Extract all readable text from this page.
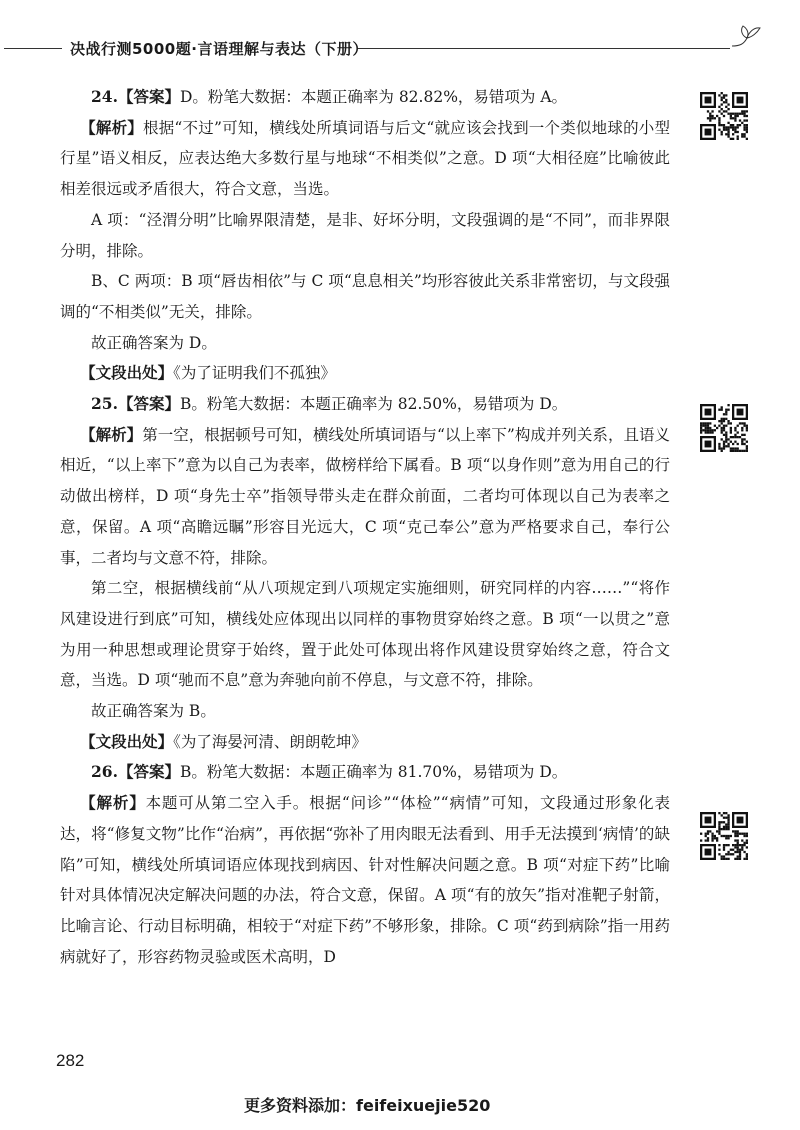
决战行测5000题·言语理解与表达（下册）

24.【答案】D。粉笔大数据：本题正确率为 82.82%，易错项为 A。

【解析】根据“不过”可知，横线处所填词语与后文“就应该会找到一个类似地球的小型行星”语义相反，应表达绝大多数行星与地球“不相类似”之意。D 项“大相径庭”比喻彼此相差很远或矛盾很大，符合文意，当选。

A 项：“泾渭分明”比喻界限清楚，是非、好坏分明，文段强调的是“不同”，而非界限分明，排除。

B、C 两项：B 项“唇齿相依”与 C 项“息息相关”均形容彼此关系非常密切，与文段强调的“不相类似”无关，排除。

故正确答案为 D。

【文段出处】《为了证明我们不孤独》

25.【答案】B。粉笔大数据：本题正确率为 82.50%，易错项为 D。

【解析】第一空，根据顿号可知，横线处所填词语与“以上率下”构成并列关系，且语义相近，“以上率下”意为以自己为表率，做榜样给下属看。B 项“以身作则”意为用自己的行动做出榜样，D 项“身先士卒”指领导带头走在群众前面，二者均可体现以自己为表率之意，保留。A 项“高瞻远瞩”形容目光远大，C 项“克己奉公”意为严格要求自己，奉行公事，二者均与文意不符，排除。

第二空，根据横线前“从八项规定到八项规定实施细则，研究同样的内容……”“将作风建设进行到底”可知，横线处应体现出以同样的事物贯穿始终之意。B 项“一以贯之”意为用一种思想或理论贯穿于始终，置于此处可体现出将作风建设贯穿始终之意，符合文意，当选。D 项“驰而不息”意为奔驰向前不停息，与文意不符，排除。

故正确答案为 B。

【文段出处】《为了海晏河清、朗朗乾坤》

26.【答案】B。粉笔大数据：本题正确率为 81.70%，易错项为 D。

【解析】本题可从第二空入手。根据“问诊”“体检”“病情”可知，文段通过形象化表达，将“修复文物”比作“治病”，再依据“弥补了用肉眼无法看到、用手无法摸到‘病情’的缺陷”可知，横线处所填词语应体现找到病因、针对性解决问题之意。B 项“对症下药”比喻针对具体情况决定解决问题的办法，符合文意，保留。A 项“有的放矢”指对准靶子射箭，比喻言论、行动目标明确，相较于“对症下药”不够形象，排除。C 项“药到病除”指一用药病就好了，形容药物灵验或医术高明，D

282
更多资料添加：feifeixuejie520
